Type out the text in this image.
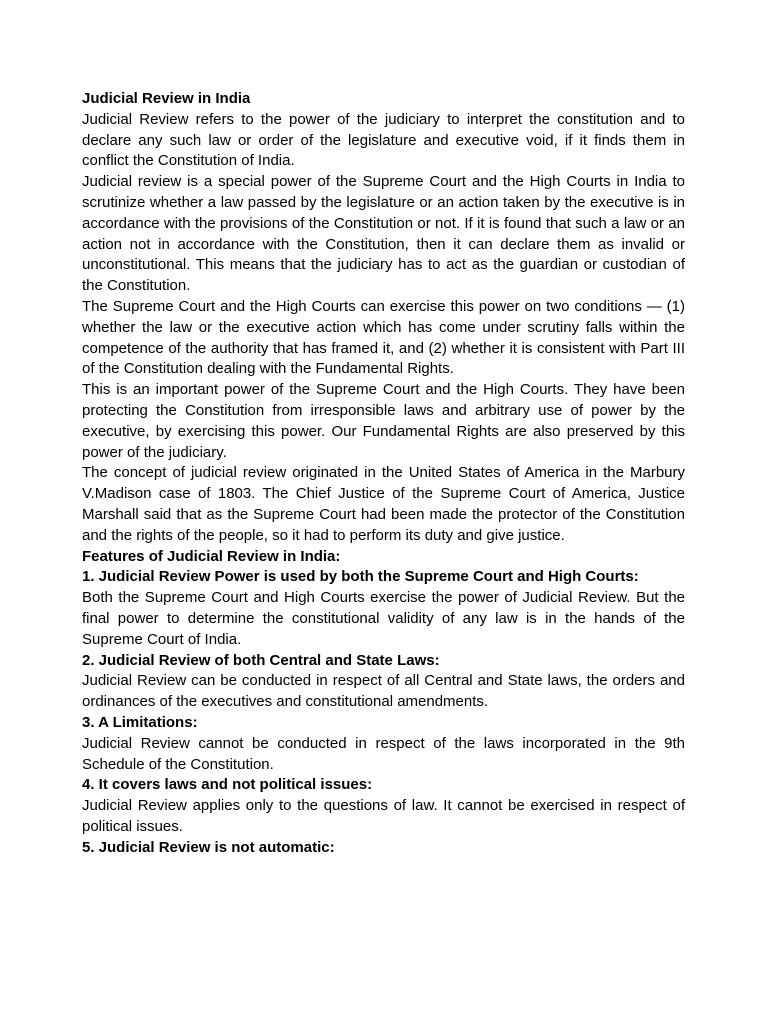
Judicial Review in India

Judicial Review refers to the power of the judiciary to interpret the constitution and to declare any such law or order of the legislature and executive void, if it finds them in conflict the Constitution of India.

Judicial review is a special power of the Supreme Court and the High Courts in India to scrutinize whether a law passed by the legislature or an action taken by the executive is in accordance with the provisions of the Constitution or not. If it is found that such a law or an action not in accordance with the Constitution, then it can declare them as invalid or unconstitutional. This means that the judiciary has to act as the guardian or custodian of the Constitution.

The Supreme Court and the High Courts can exercise this power on two conditions — (1) whether the law or the executive action which has come under scrutiny falls within the competence of the authority that has framed it, and (2) whether it is consistent with Part III of the Constitution dealing with the Fundamental Rights.

This is an important power of the Supreme Court and the High Courts. They have been protecting the Constitution from irresponsible laws and arbitrary use of power by the executive, by exercising this power. Our Fundamental Rights are also preserved by this power of the judiciary.

The concept of judicial review originated in the United States of America in the Marbury V.Madison case of 1803. The Chief Justice of the Supreme Court of America, Justice Marshall said that as the Supreme Court had been made the protector of the Constitution and the rights of the people, so it had to perform its duty and give justice.

Features of Judicial Review in India:

1. Judicial Review Power is used by both the Supreme Court and High Courts:

Both the Supreme Court and High Courts exercise the power of Judicial Review. But the final power to determine the constitutional validity of any law is in the hands of the Supreme Court of India.

2. Judicial Review of both Central and State Laws:

Judicial Review can be conducted in respect of all Central and State laws, the orders and ordinances of the executives and constitutional amendments.

3. A Limitations:

Judicial Review cannot be conducted in respect of the laws incorporated in the 9th Schedule of the Constitution.

4. It covers laws and not political issues:

Judicial Review applies only to the questions of law. It cannot be exercised in respect of political issues.

5. Judicial Review is not automatic:
